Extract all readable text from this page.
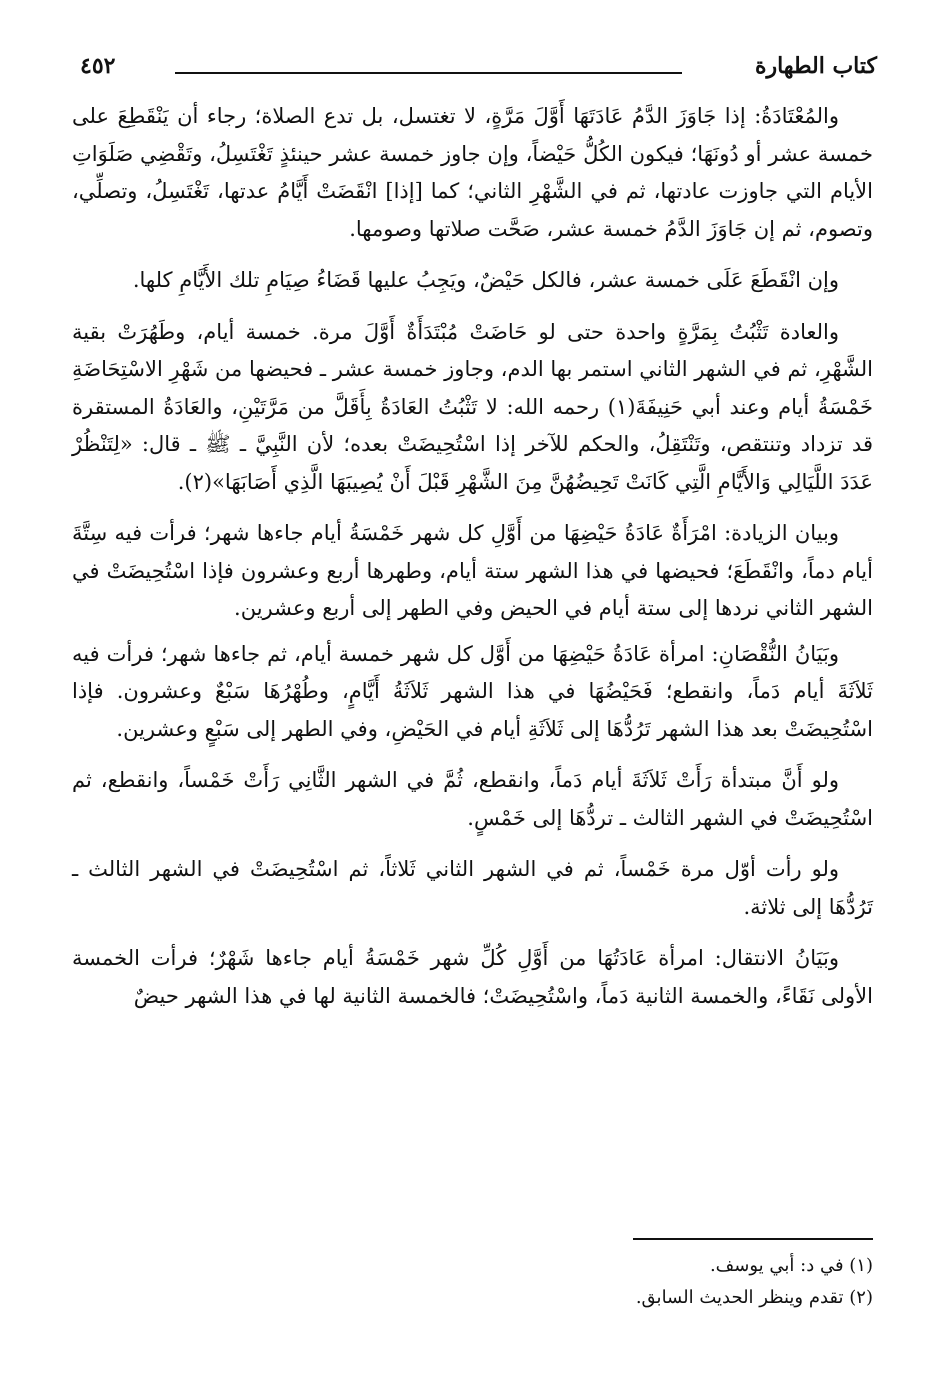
كتاب الطهارة
٤٥٢

والمُعْتَادَةُ: إذا جَاوَزَ الدَّمُ عَادَتَهَا أَوَّلَ مَرَّةٍ، لا تغتسل، بل تدع الصلاة؛ رجاء أن يَنْقَطِعَ على خمسة عشر أو دُونَهَا؛ فيكون الكُلُّ حَيْضاً، وإن جاوز خمسة عشر حينئذٍ تَغْتَسِلُ، وتَقْضِي صَلَوَاتِ الأيام التي جاوزت عادتها، ثم في الشَّهْرِ الثاني؛ كما [إذا] انْقَضَتْ أَيَّامُ عدتها، تَغْتَسِلُ، وتصلِّي، وتصوم، ثم إن جَاوَزَ الدَّمُ خمسة عشر، صَحَّت صلاتها وصومها.

وإن انْقَطَعَ عَلَى خمسة عشر، فالكل حَيْضٌ، ويَجِبُ عليها قَضَاءُ صِيَامِ تلك الأَيَّامِ كلها.

والعادة تَثْبُتُ بِمَرَّةٍ واحدة حتى لو حَاضَتْ مُبْتَدَأَةٌ أَوَّلَ مرة. خمسة أيام، وطَهُرَتْ بقية الشَّهْرِ، ثم في الشهر الثاني استمر بها الدم، وجاوز خمسة عشر ـ فحيضها من شَهْرِ الاسْتِحَاضَةِ خَمْسَةُ أيام وعند أبي حَنِيفَةَ(١) رحمه الله: لا تَثْبُتُ العَادَةُ بِأَقَلَّ من مَرَّتَيْنِ، والعَادَةُ المستقرة قد تزداد وتنتقص، وتَنْتَقِلُ، والحكم للآخر إذا اسْتُحِيضَتْ بعده؛ لأن النَّبِيَّ ـ ﷺ ـ قال: «لِتَنْظُرْ عَدَدَ اللَّيَالِي وَالأَيَّامِ الَّتِي كَانَتْ تَحِيضُهُنَّ مِنَ الشَّهْرِ قَبْلَ أَنْ يُصِيبَهَا الَّذِي أَصَابَهَا»(٢).

وبيان الزيادة: امْرَأَةٌ عَادَةُ حَيْضِهَا من أَوَّلِ كل شهر خَمْسَةُ أيام جاءها شهر؛ فرأت فيه سِتَّةَ أيام دماً، وانْقَطَعَ؛ فحيضها في هذا الشهر ستة أيام، وطهرها أربع وعشرون فإذا اسْتُحِيضَتْ في الشهر الثاني نردها إلى ستة أيام في الحيض وفي الطهر إلى أربع وعشرين.

وبَيَانُ النُّقْصَانِ: امرأة عَادَةُ حَيْضِهَا من أَوَّل كل شهر خمسة أيام، ثم جاءها شهر؛ فرأت فيه ثَلاَثَةَ أيام دَماً، وانقطع؛ فَحَيْضُهَا في هذا الشهر ثَلاَثَةُ أَيَّامٍ، وطُهْرُهَا سَبْعٌ وعشرون. فإذا اسْتُحِيضَتْ بعد هذا الشهر تَرُدُّهَا إلى ثَلاَثَةِ أيام في الحَيْضِ، وفي الطهر إلى سَبْعٍ وعشرين.

ولو أَنَّ مبتدأة رَأَتْ ثَلاَثَةَ أيام دَماً، وانقطع، ثُمَّ في الشهر الثَّانِي رَأَتْ خَمْساً، وانقطع، ثم اسْتُحِيضَتْ في الشهر الثالث ـ تردُّهَا إلى خَمْسٍ.

ولو رأت أوّل مرة خَمْساً، ثم في الشهر الثاني ثَلاثاً، ثم اسْتُحِيضَتْ في الشهر الثالث ـ تَرُدُّهَا إلى ثلاثة.

وبَيَانُ الانتقال: امرأة عَادَتُهَا من أَوَّلِ كُلِّ شهر خَمْسَةُ أيام جاءها شَهْرٌ؛ فرأت الخمسة الأولى نَقَاءً، والخمسة الثانية دَماً، واسْتُحِيضَتْ؛ فالخمسة الثانية لها في هذا الشهر حيضٌ

(١) في د: أبي يوسف.

(٢) تقدم وينظر الحديث السابق.
